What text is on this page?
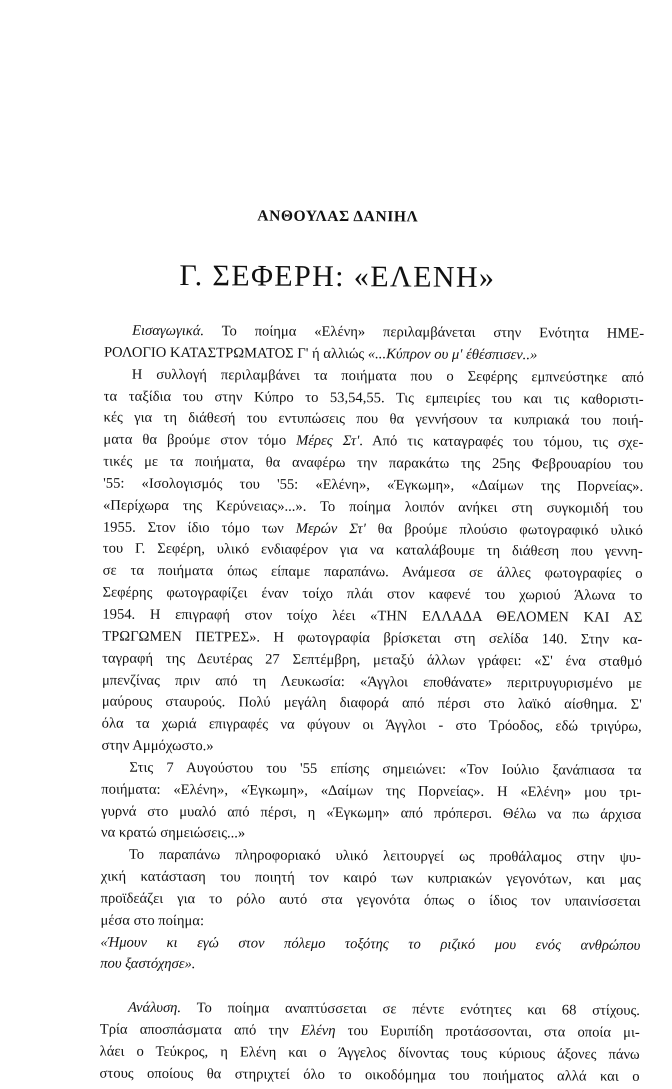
ΑΝΘΟΥΛΑΣ ΔΑΝΙΗΛ
Γ. ΣΕΦΕΡΗ: «ΕΛΕΝΗ»

Εισαγωγικά. Το ποίημα «Ελένη» περιλαμβάνεται στην Ενότητα ΗΜΕ-
ΡΟΛΟΓΙΟ ΚΑΤΑΣΤΡΩΜΑΤΟΣ Γ' ή αλλιώς «...Κύπρον ου μ' έθέσπισεν..»

Η συλλογή περιλαμβάνει τα ποιήματα που ο Σεφέρης εμπνεύστηκε από
τα ταξίδια του στην Κύπρο το 53,54,55. Τις εμπειρίες του και τις καθοριστι-
κές για τη διάθεσή του εντυπώσεις που θα γεννήσουν τα κυπριακά του ποιή-
ματα θα βρούμε στον τόμο Μέρες Στ'. Από τις καταγραφές του τόμου, τις σχε-
τικές με τα ποιήματα, θα αναφέρω την παρακάτω της 25ης Φεβρουαρίου του
'55: «Ισολογισμός του '55: «Ελένη», «Έγκωμη», «Δαίμων της Πορνείας».
«Περίχωρα της Κερύνειας»...». Το ποίημα λοιπόν ανήκει στη συγκομιδή του
1955. Στον ίδιο τόμο των Μερών Στ' θα βρούμε πλούσιο φωτογραφικό υλικό
του Γ. Σεφέρη, υλικό ενδιαφέρον για να καταλάβουμε τη διάθεση που γεννη-
σε τα ποιήματα όπως είπαμε παραπάνω. Ανάμεσα σε άλλες φωτογραφίες ο
Σεφέρης φωτογραφίζει έναν τοίχο πλάι στον καφενέ του χωριού Άλωνα το
1954. Η επιγραφή στον τοίχο λέει «ΤΗΝ ΕΛΛΑΔΑ ΘΕΛΟΜΕΝ ΚΑΙ ΑΣ
ΤΡΩΓΩΜΕΝ ΠΕΤΡΕΣ». Η φωτογραφία βρίσκεται στη σελίδα 140. Στην κα-
ταγραφή της Δευτέρας 27 Σεπτέμβρη, μεταξύ άλλων γράφει: «Σ' ένα σταθμό
μπενζίνας πριν από τη Λευκωσία: «Άγγλοι εποθάνατε» περιτρυγυρισμένο με
μαύρους σταυρούς. Πολύ μεγάλη διαφορά από πέρσι στο λαϊκό αίσθημα. Σ'
όλα τα χωριά επιγραφές να φύγουν οι Άγγλοι - στο Τρόοδος, εδώ τριγύρω,
στην Αμμόχωστο.»

Στις 7 Αυγούστου του '55 επίσης σημειώνει: «Τον Ιούλιο ξανάπιασα τα
ποιήματα: «Ελένη», «Έγκωμη», «Δαίμων της Πορνείας». Η «Ελένη» μου τρι-
γυρνά στο μυαλό από πέρσι, η «Έγκωμη» από πρόπερσι. Θέλω να πω άρχισα
να κρατώ σημειώσεις...»

Το παραπάνω πληροφοριακό υλικό λειτουργεί ως προθάλαμος στην ψυ-
χική κατάσταση του ποιητή τον καιρό των κυπριακών γεγονότων, και μας
προϊδεάζει για το ρόλο αυτό στα γεγονότα όπως ο ίδιος τον υπαινίσσεται
μέσα στο ποίημα:

«Ήμουν κι εγώ στον πόλεμο τοξότης το ριζικό μου ενός ανθρώπου
που ξαστόχησε».

Ανάλυση. Το ποίημα αναπτύσσεται σε πέντε ενότητες και 68 στίχους.
Τρία αποσπάσματα από την Ελένη του Ευριπίδη προτάσσονται, στα οποία μι-
λάει ο Τεύκρος, η Ελένη και ο Άγγελος δίνοντας τους κύριους άξονες πάνω
στους οποίους θα στηριχτεί όλο το οικοδόμημα του ποιήματος αλλά και ο
